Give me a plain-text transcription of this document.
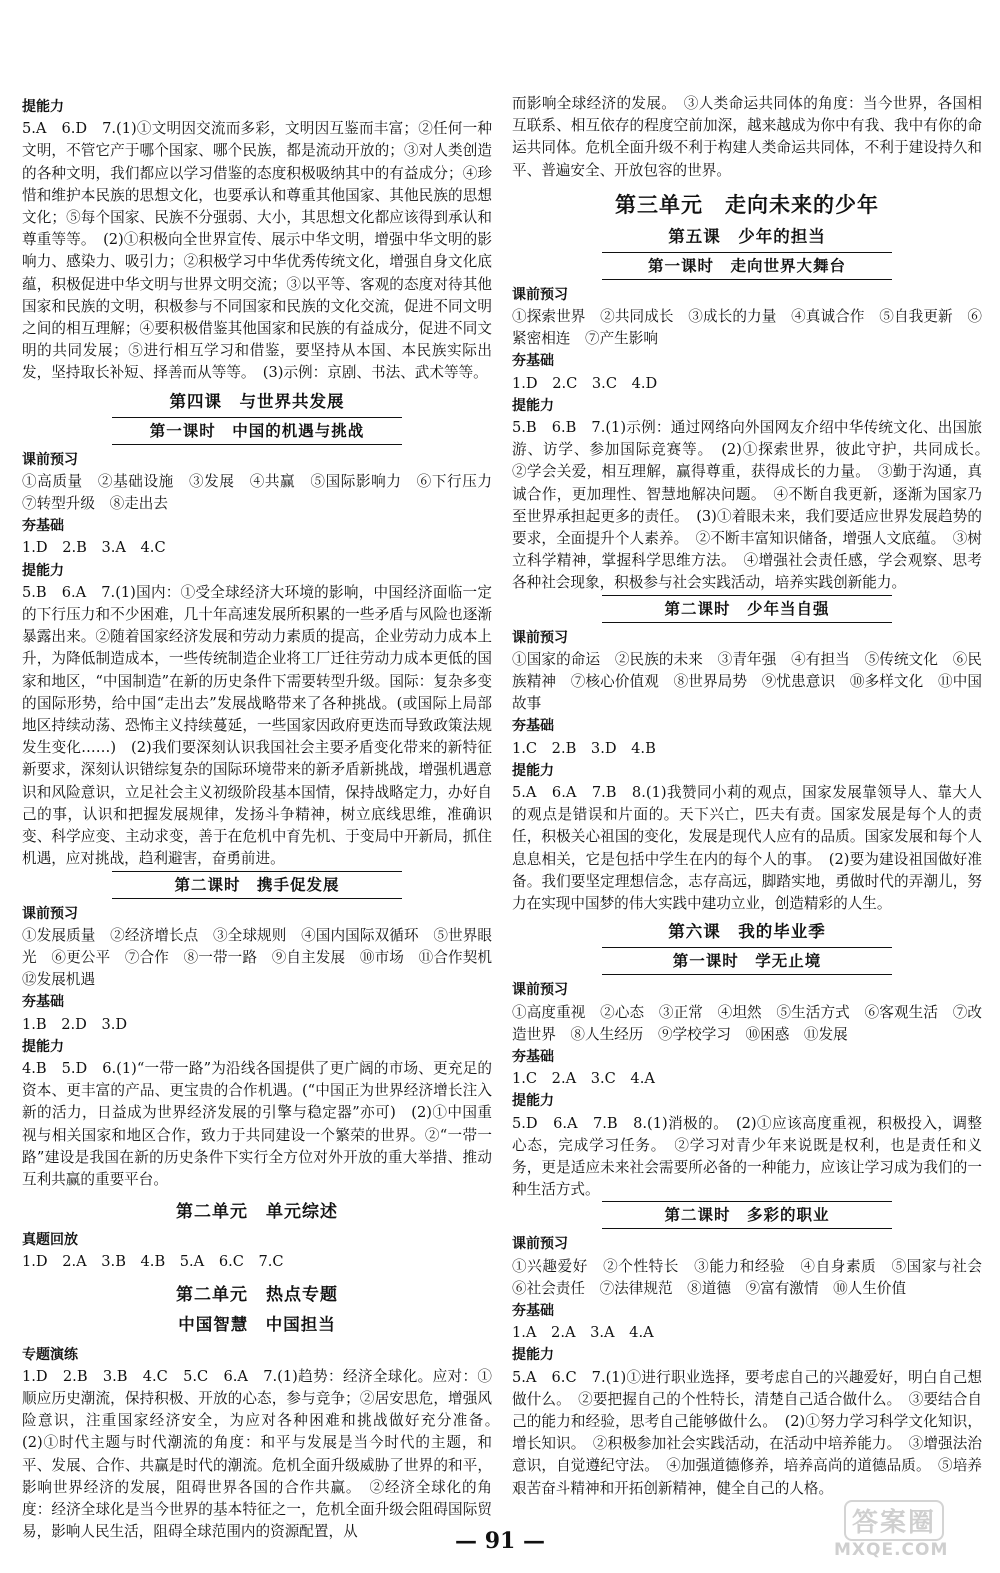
提能力

5.A　6.D　7.(1)①文明因交流而多彩，文明因互鉴而丰富；②任何一种文明，不管它产于哪个国家、哪个民族，都是流动开放的；③对人类创造的各种文明，我们都应以学习借鉴的态度积极吸纳其中的有益成分；④珍惜和维护本民族的思想文化，也要承认和尊重其他国家、其他民族的思想文化；⑤每个国家、民族不分强弱、大小，其思想文化都应该得到承认和尊重等等。　(2)①积极向全世界宣传、展示中华文明，增强中华文明的影响力、感染力、吸引力；②积极学习中华优秀传统文化，增强自身文化底蕴，积极促进中华文明与世界文明交流；③以平等、客观的态度对待其他国家和民族的文明，积极参与不同国家和民族的文化交流，促进不同文明之间的相互理解；④要积极借鉴其他国家和民族的有益成分，促进不同文明的共同发展；⑤进行相互学习和借鉴，要坚持从本国、本民族实际出发，坚持取长补短、择善而从等等。　(3)示例：京剧、书法、武术等等。

第四课　与世界共发展

第一课时　中国的机遇与挑战

课前预习

①高质量　②基础设施　③发展　④共赢　⑤国际影响力　⑥下行压力　⑦转型升级　⑧走出去

夯基础

1.D　2.B　3.A　4.C

提能力

5.B　6.A　7.(1)国内：①受全球经济大环境的影响，中国经济面临一定的下行压力和不少困难，几十年高速发展所积累的一些矛盾与风险也逐渐暴露出来。②随着国家经济发展和劳动力素质的提高，企业劳动力成本上升，为降低制造成本，一些传统制造企业将工厂迁往劳动力成本更低的国家和地区，“中国制造”在新的历史条件下需要转型升级。国际：复杂多变的国际形势，给中国“走出去”发展战略带来了各种挑战。(或国际上局部地区持续动荡、恐怖主义持续蔓延，一些国家因政府更迭而导致政策法规发生变化……)　(2)我们要深刻认识我国社会主要矛盾变化带来的新特征新要求，深刻认识错综复杂的国际环境带来的新矛盾新挑战，增强机遇意识和风险意识，立足社会主义初级阶段基本国情，保持战略定力，办好自己的事，认识和把握发展规律，发扬斗争精神，树立底线思维，准确识变、科学应变、主动求变，善于在危机中育先机、于变局中开新局，抓住机遇，应对挑战，趋利避害，奋勇前进。

第二课时　携手促发展

课前预习

①发展质量　②经济增长点　③全球规则　④国内国际双循环　⑤世界眼光　⑥更公平　⑦合作　⑧一带一路　⑨自主发展　⑩市场　⑪合作契机　⑫发展机遇

夯基础

1.B　2.D　3.D

提能力

4.B　5.D　6.(1)“一带一路”为沿线各国提供了更广阔的市场、更充足的资本、更丰富的产品、更宝贵的合作机遇。(“中国正为世界经济增长注入新的活力，日益成为世界经济发展的引擎与稳定器”亦可)　(2)①中国重视与相关国家和地区合作，致力于共同建设一个繁荣的世界。②“一带一路”建设是我国在新的历史条件下实行全方位对外开放的重大举措、推动互利共赢的重要平台。

第二单元　单元综述

真题回放

1.D　2.A　3.B　4.B　5.A　6.C　7.C

第二单元　热点专题

中国智慧　中国担当

专题演练

1.D　2.B　3.B　4.C　5.C　6.A　7.(1)趋势：经济全球化。应对：①顺应历史潮流，保持积极、开放的心态，参与竞争；②居安思危，增强风险意识，注重国家经济安全，为应对各种困难和挑战做好充分准备。　(2)①时代主题与时代潮流的角度：和平与发展是当今时代的主题，和平、发展、合作、共赢是时代的潮流。危机全面升级威胁了世界的和平，影响世界经济的发展，阻碍世界各国的合作共赢。　②经济全球化的角度：经济全球化是当今世界的基本特征之一，危机全面升级会阻碍国际贸易，影响人民生活，阻碍全球范围内的资源配置，从

而影响全球经济的发展。　③人类命运共同体的角度：当今世界，各国相互联系、相互依存的程度空前加深，越来越成为你中有我、我中有你的命运共同体。危机全面升级不利于构建人类命运共同体，不利于建设持久和平、普遍安全、开放包容的世界。

第三单元　走向未来的少年

第五课　少年的担当

第一课时　走向世界大舞台

课前预习

①探索世界　②共同成长　③成长的力量　④真诚合作　⑤自我更新　⑥紧密相连　⑦产生影响

夯基础

1.D　2.C　3.C　4.D

提能力

5.B　6.B　7.(1)示例：通过网络向外国网友介绍中华传统文化、出国旅游、访学、参加国际竞赛等。　(2)①探索世界，彼此守护，共同成长。　②学会关爱，相互理解，赢得尊重，获得成长的力量。　③勤于沟通，真诚合作，更加理性、智慧地解决问题。　④不断自我更新，逐渐为国家乃至世界承担起更多的责任。　(3)①着眼未来，我们要适应世界发展趋势的要求，全面提升个人素养。　②不断丰富知识储备，增强人文底蕴。　③树立科学精神，掌握科学思维方法。　④增强社会责任感，学会观察、思考各种社会现象，积极参与社会实践活动，培养实践创新能力。

第二课时　少年当自强

课前预习

①国家的命运　②民族的未来　③青年强　④有担当　⑤传统文化　⑥民族精神　⑦核心价值观　⑧世界局势　⑨忧患意识　⑩多样文化　⑪中国故事

夯基础

1.C　2.B　3.D　4.B

提能力

5.A　6.A　7.B　8.(1)我赞同小莉的观点，国家发展靠领导人、靠大人的观点是错误和片面的。天下兴亡，匹夫有责。国家发展是每个人的责任，积极关心祖国的变化，发展是现代人应有的品质。国家发展和每个人息息相关，它是包括中学生在内的每个人的事。　(2)要为建设祖国做好准备。我们要坚定理想信念，志存高远，脚踏实地，勇做时代的弄潮儿，努力在实现中国梦的伟大实践中建功立业，创造精彩的人生。

第六课　我的毕业季

第一课时　学无止境

课前预习

①高度重视　②心态　③正常　④坦然　⑤生活方式　⑥客观生活　⑦改造世界　⑧人生经历　⑨学校学习　⑩困惑　⑪发展

夯基础

1.C　2.A　3.C　4.A

提能力

5.D　6.A　7.B　8.(1)消极的。　(2)①应该高度重视，积极投入，调整心态，完成学习任务。　②学习对青少年来说既是权利，也是责任和义务，更是适应未来社会需要所必备的一种能力，应该让学习成为我们的一种生活方式。

第二课时　多彩的职业

课前预习

①兴趣爱好　②个性特长　③能力和经验　④自身素质　⑤国家与社会　⑥社会责任　⑦法律规范　⑧道德　⑨富有激情　⑩人生价值

夯基础

1.A　2.A　3.A　4.A

提能力

5.A　6.C　7.(1)①进行职业选择，要考虑自己的兴趣爱好，明白自己想做什么。　②要把握自己的个性特长，清楚自己适合做什么。　③要结合自己的能力和经验，思考自己能够做什么。　(2)①努力学习科学文化知识，增长知识。　②积极参加社会实践活动，在活动中培养能力。　③增强法治意识，自觉遵纪守法。　④加强道德修养，培养高尚的道德品质。　⑤培养艰苦奋斗精神和开拓创新精神，健全自己的人格。

— 91 —
答案圈
MXQE.COM
